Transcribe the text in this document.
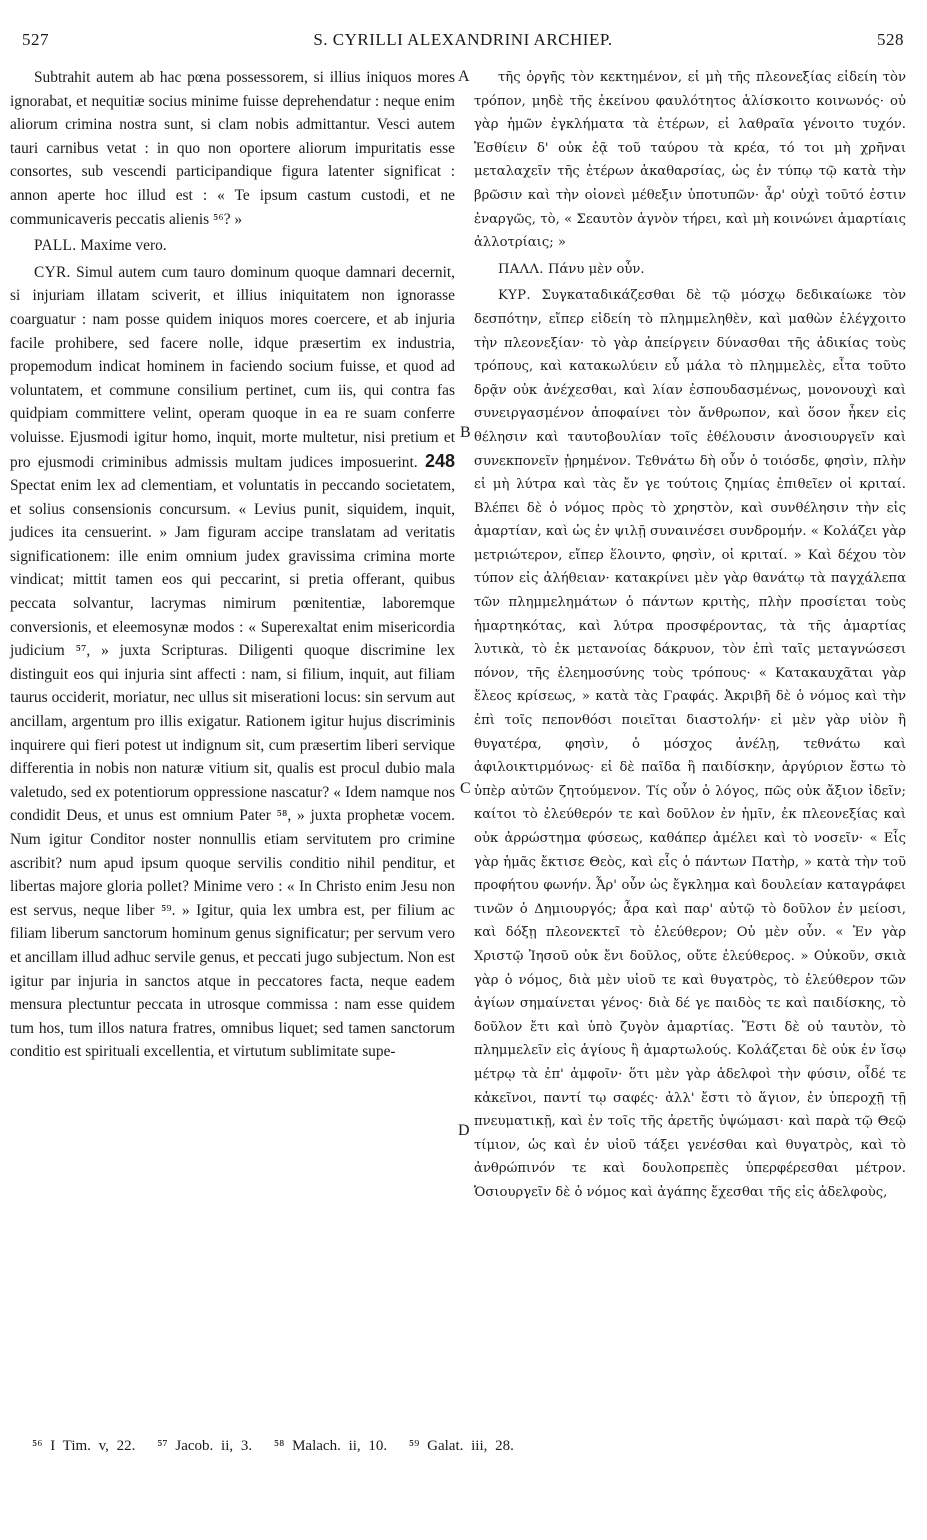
527	S. CYRILLI ALEXANDRINI ARCHIEP.	528

Subtrahit autem ab hac pœna possessorem, si illius iniquos mores ignorabat, et nequitiæ socius minime fuisse deprehendatur : neque enim aliorum crimina nostra sunt, si clam nobis admittantur. Vesci autem tauri carnibus vetat : in quo non oportere aliorum impuritatis esse consortes, sub vescendi participandique figura latenter significat : annon aperte hoc illud est : « Te ipsum castum custodi, et ne communicaveris peccatis alienis ⁵⁶? »

PALL. Maxime vero.

CYR. Simul autem cum tauro dominum quoque damnari decernit, si injuriam illatam sciverit, et illius iniquitatem non ignorasse coarguatur : nam posse quidem iniquos mores coercere, et ab injuria facile prohibere, sed facere nolle, idque præsertim ex industria, propemodum indicat hominem in faciendo socium fuisse, et quod ad voluntatem, et commune consilium pertinet, cum iis, qui contra fas quidpiam committere velint, operam quoque in ea re suam conferre voluisse. Ejusmodi igitur homo, inquit, morte multetur, nisi pretium et pro ejusmodi criminibus admissis multam judices imposuerint. 248 Spectat enim lex ad clementiam, et voluntatis in peccando societatem, et solius consensionis concursum. « Levius punit, siquidem, inquit, judices ita censuerint. » Jam figuram accipe translatam ad veritatis significationem: ille enim omnium judex gravissima crimina morte vindicat; mittit tamen eos qui peccarint, si pretia offerant, quibus peccata solvantur, lacrymas nimirum pœnitentiæ, laboremque conversionis, et eleemosynæ modos : « Superexaltat enim misericordia judicium ⁵⁷, » juxta Scripturas. Diligenti quoque discrimine lex distinguit eos qui injuria sint affecti : nam, si filium, inquit, aut filiam taurus occiderit, moriatur, nec ullus sit miserationi locus: sin servum aut ancillam, argentum pro illis exigatur. Rationem igitur hujus discriminis inquirere qui fieri potest ut indignum sit, cum præsertim liberi servique differentia in nobis non naturæ vitium sit, qualis est procul dubio mala valetudo, sed ex potentiorum oppressione nascatur? « Idem namque nos condidit Deus, et unus est omnium Pater ⁵⁸, » juxta prophetæ vocem. Num igitur Conditor noster nonnullis etiam servitutem pro crimine ascribit? num apud ipsum quoque servilis conditio nihil penditur, et libertas majore gloria pollet? Minime vero : « In Christo enim Jesu non est servus, neque liber ⁵⁹. » Igitur, quia lex umbra est, per filium ac filiam liberum sanctorum hominum genus significatur; per servum vero et ancillam illud adhuc servile genus, et peccati jugo subjectum. Non est igitur par injuria in sanctos atque in peccatores facta, neque eadem mensura plectuntur peccata in utrosque commissa : nam esse quidem tum hos, tum illos natura fratres, omnibus liquet; sed tamen sanctorum conditio est spirituali excellentia, et virtutum sublimitate supe-

A
B
C
D

τῆς ὀργῆς τὸν κεκτημένον, εἰ μὴ τῆς πλεονεξίας εἰδείη τὸν τρόπον, μηδὲ τῆς ἐκείνου φαυλότητος ἁλίσκοιτο κοινωνός· οὐ γὰρ ἡμῶν ἐγκλήματα τὰ ἑτέρων, εἰ λαθραῖα γένοιτο τυχόν. Ἐσθίειν δ' οὐκ ἐᾷ τοῦ ταύρου τὰ κρέα, τό τοι μὴ χρῆναι μεταλαχεῖν τῆς ἑτέρων ἀκαθαρσίας, ὡς ἐν τύπῳ τῷ κατὰ τὴν βρῶσιν καὶ τὴν οἱονεὶ μέθεξιν ὑποτυπῶν· ἆρ' οὐχὶ τοῦτό ἐστιν ἐναργῶς, τὸ, « Σεαυτὸν ἁγνὸν τήρει, καὶ μὴ κοινώνει ἁμαρτίαις ἀλλοτρίαις; »

ΠΑΛΛ. Πάνυ μὲν οὖν.

ΚΥΡ. Συγκαταδικάζεσθαι δὲ τῷ μόσχῳ δεδικαίωκε τὸν δεσπότην, εἴπερ εἰδείη τὸ πλημμεληθὲν, καὶ μαθὼν ἐλέγχοιτο τὴν πλεονεξίαν· τὸ γὰρ ἀπείργειν δύνασθαι τῆς ἀδικίας τοὺς τρόπους, καὶ κατακωλύειν εὖ μάλα τὸ πλημμελὲς, εἶτα τοῦτο δρᾷν οὐκ ἀνέχεσθαι, καὶ λίαν ἐσπουδασμένως, μονονουχὶ καὶ συνειργασμένον ἀποφαίνει τὸν ἄνθρωπον, καὶ ὅσον ἧκεν εἰς θέλησιν καὶ ταυτοβουλίαν τοῖς ἐθέλουσιν ἀνοσιουργεῖν καὶ συνεκπονεῖν ᾑρημένον. Τεθνάτω δὴ οὖν ὁ τοιόσδε, φησὶν, πλὴν εἰ μὴ λύτρα καὶ τὰς ἔν γε τούτοις ζημίας ἐπιθεῖεν οἱ κριταί. Βλέπει δὲ ὁ νόμος πρὸς τὸ χρηστὸν, καὶ συνθέλησιν τὴν εἰς ἁμαρτίαν, καὶ ὡς ἐν ψιλῇ συναινέσει συνδρομήν. « Κολάζει γὰρ μετριώτερον, εἴπερ ἕλοιντο, φησὶν, οἱ κριταί. » Καὶ δέχου τὸν τύπον εἰς ἀλήθειαν· κατακρίνει μὲν γὰρ θανάτῳ τὰ παγχάλεπα τῶν πλημμελημάτων ὁ πάντων κριτὴς, πλὴν προσίεται τοὺς ἡμαρτηκότας, καὶ λύτρα προσφέροντας, τὰ τῆς ἁμαρτίας λυτικὰ, τὸ ἐκ μετανοίας δάκρυον, τὸν ἐπὶ ταῖς μεταγνώσεσι πόνον, τῆς ἐλεημοσύνης τοὺς τρόπους· « Κατακαυχᾶται γὰρ ἔλεος κρίσεως, » κατὰ τὰς Γραφάς. Ἀκριβῆ δὲ ὁ νόμος καὶ τὴν ἐπὶ τοῖς πεπονθόσι ποιεῖται διαστολήν· εἰ μὲν γὰρ υἱὸν ἢ θυγατέρα, φησὶν, ὁ μόσχος ἀνέλῃ, τεθνάτω καὶ ἀφιλοικτιρμόνως· εἰ δὲ παῖδα ἢ παιδίσκην, ἀργύριον ἔστω τὸ ὑπὲρ αὐτῶν ζητούμενον. Τίς οὖν ὁ λόγος, πῶς οὐκ ἄξιον ἰδεῖν; καίτοι τὸ ἐλεύθερόν τε καὶ δοῦλον ἐν ἡμῖν, ἐκ πλεονεξίας καὶ οὐκ ἀρρώστημα φύσεως, καθάπερ ἀμέλει καὶ τὸ νοσεῖν· « Εἷς γὰρ ἡμᾶς ἔκτισε Θεὸς, καὶ εἷς ὁ πάντων Πατὴρ, » κατὰ τὴν τοῦ προφήτου φωνήν. Ἆρ' οὖν ὡς ἔγκλημα καὶ δουλείαν καταγράφει τινῶν ὁ Δημιουργός; ἆρα καὶ παρ' αὐτῷ τὸ δοῦλον ἐν μείοσι, καὶ δόξῃ πλεονεκτεῖ τὸ ἐλεύθερον; Οὐ μὲν οὖν. « Ἐν γὰρ Χριστῷ Ἰησοῦ οὐκ ἔνι δοῦλος, οὔτε ἐλεύθερος. » Οὐκοῦν, σκιὰ γὰρ ὁ νόμος, διὰ μὲν υἱοῦ τε καὶ θυγατρὸς, τὸ ἐλεύθερον τῶν ἁγίων σημαίνεται γένος· διὰ δέ γε παιδὸς τε καὶ παιδίσκης, τὸ δοῦλον ἔτι καὶ ὑπὸ ζυγὸν ἁμαρτίας. Ἔστι δὲ οὐ ταυτὸν, τὸ πλημμελεῖν εἰς ἁγίους ἢ ἁμαρτωλούς. Κολάζεται δὲ οὐκ ἐν ἴσῳ μέτρῳ τὰ ἐπ' ἀμφοῖν· ὅτι μὲν γὰρ ἀδελφοὶ τὴν φύσιν, οἶδέ τε κἀκεῖνοι, παντί τῳ σαφές· ἀλλ' ἔστι τὸ ἅγιον, ἐν ὑπεροχῇ τῇ πνευματικῇ, καὶ ἐν τοῖς τῆς ἀρετῆς ὑψώμασι· καὶ παρὰ τῷ Θεῷ τίμιον, ὡς καὶ ἐν υἱοῦ τάξει γενέσθαι καὶ θυγατρὸς, καὶ τὸ ἀνθρώπινόν τε καὶ δουλοπρεπὲς ὑπερφέρεσθαι μέτρον. Ὁσιουργεῖν δὲ ὁ νόμος καὶ ἀγάπης ἔχεσθαι τῆς εἰς ἀδελφοὺς,

⁵⁶ I Tim. v, 22. ⁵⁷ Jacob. ii, 3. ⁵⁸ Malach. ii, 10. ⁵⁹ Galat. iii, 28.
